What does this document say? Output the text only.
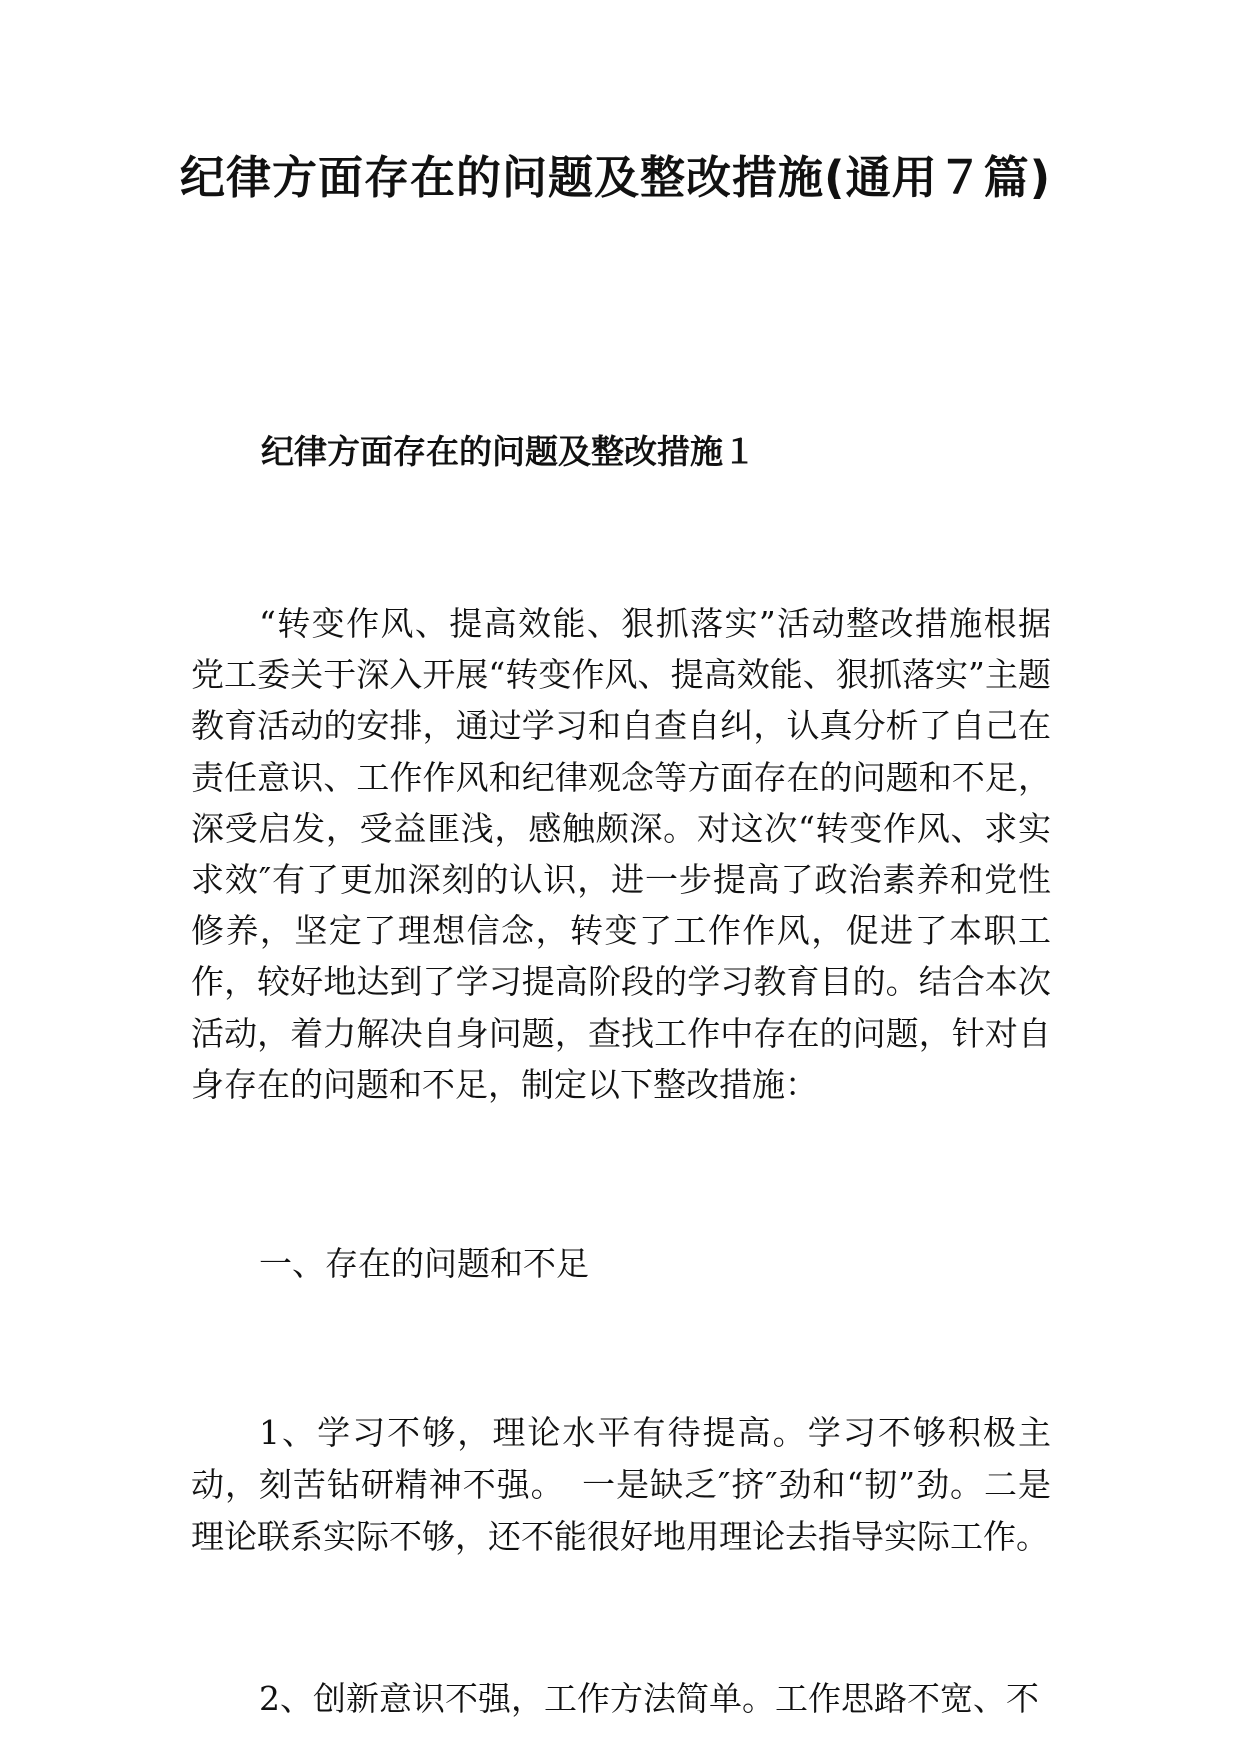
纪律方面存在的问题及整改措施(通用７篇)
纪律方面存在的问题及整改措施１

“转变作风、提高效能、狠抓落实”活动整改措施根据党工委关于深入开展“转变作风、提高效能、狠抓落实”主题教育活动的安排，通过学习和自查自纠，认真分析了自己在责任意识、工作作风和纪律观念等方面存在的问题和不足，深受启发，受益匪浅，感触颇深。对这次“转变作风、求实求效″有了更加深刻的认识，进一步提高了政治素养和党性修养，坚定了理想信念，转变了工作作风，促进了本职工作，较好地达到了学习提高阶段的学习教育目的。结合本次活动，着力解决自身问题，查找工作中存在的问题，针对自身存在的问题和不足，制定以下整改措施：

一、存在的问题和不足

1、学习不够，理论水平有待提高。学习不够积极主动，刻苦钻研精神不强。　一是缺乏″挤″劲和“韧”劲。二是理论联系实际不够，还不能很好地用理论去指导实际工作。

2、创新意识不强，工作方法简单。工作思路不宽、不
